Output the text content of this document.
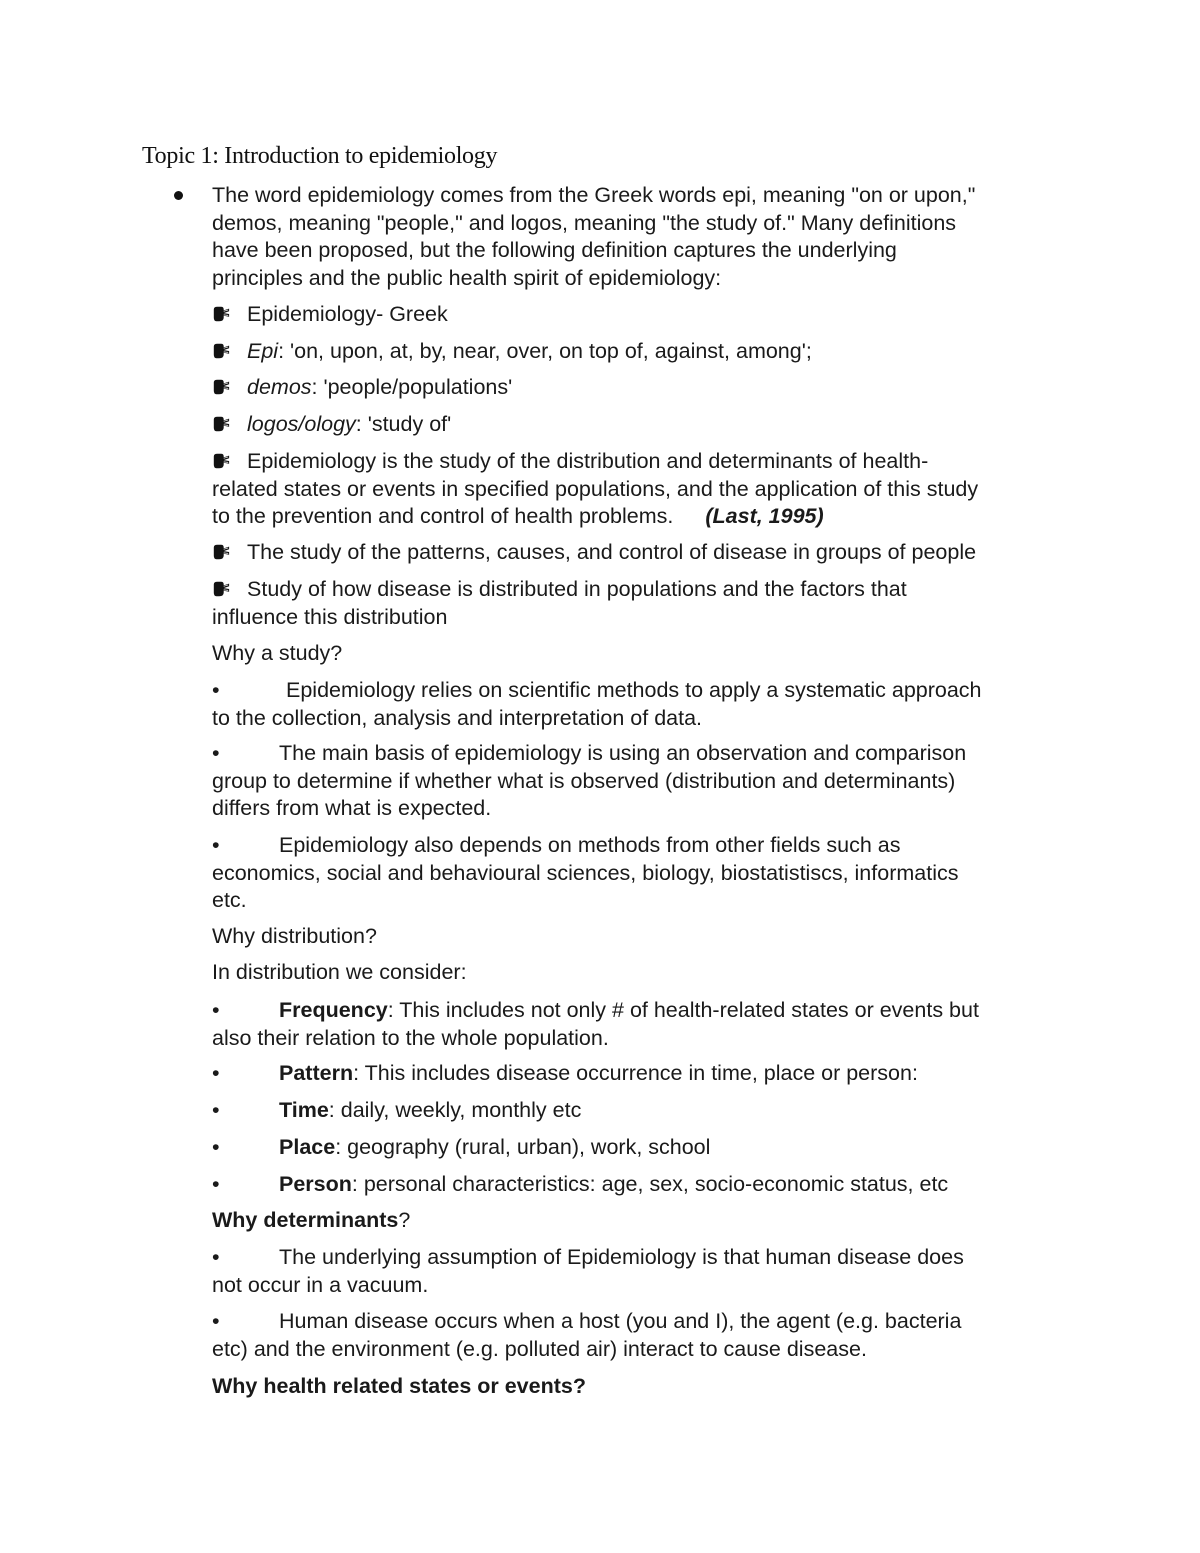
Topic 1: Introduction to epidemiology
The word epidemiology comes from the Greek words epi, meaning "on or upon,"
demos, meaning "people," and logos, meaning "the study of." Many definitions
have been proposed, but the following definition captures the underlying
principles and the public health spirit of epidemiology:
Epidemiology- Greek
Epi: 'on, upon, at, by, near, over, on top of, against, among';
demos: 'people/populations'
logos/ology: 'study of'
Epidemiology is the study of the distribution and determinants of health-
related states or events in specified populations, and the application of this study
to the prevention and control of health problems. (Last, 1995)
The study of the patterns, causes, and control of disease in groups of people
Study of how disease is distributed in populations and the factors that
influence this distribution
Why a study?
•	Epidemiology relies on scientific methods to apply a systematic approach
to the collection, analysis and interpretation of data.
•	The main basis of epidemiology is using an observation and comparison
group to determine if whether what is observed (distribution and determinants)
differs from what is expected.
•	Epidemiology also depends on methods from other fields such as
economics, social and behavioural sciences, biology, biostatistiscs, informatics
etc.
Why distribution?
In distribution we consider:
•	Frequency: This includes not only # of health-related states or events but
also their relation to the whole population.
•	Pattern: This includes disease occurrence in time, place or person:
•	Time: daily, weekly, monthly etc
•	Place: geography (rural, urban), work, school
•	Person: personal characteristics: age, sex, socio-economic status, etc
Why determinants?
•	The underlying assumption of Epidemiology is that human disease does
not occur in a vacuum.
•	Human disease occurs when a host (you and I), the agent (e.g. bacteria
etc) and the environment (e.g. polluted air) interact to cause disease.
Why health related states or events?
